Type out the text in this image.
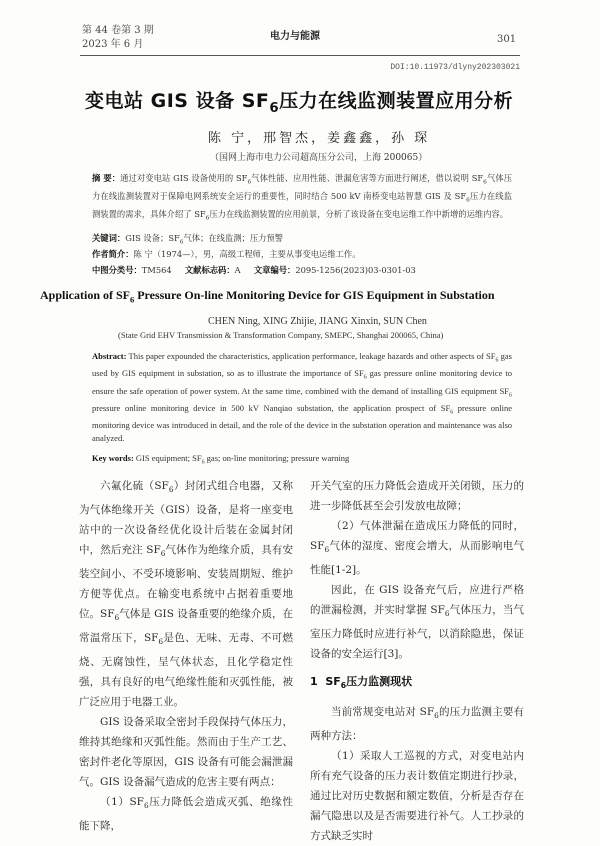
第 44 卷第 3 期
2023 年 6 月
电力与能源	301
DOI:10.11973/dlyny202303021
变电站 GIS 设备 $SF_6$压力在线监测装置应用分析
陈 宁，邢智杰，姜鑫鑫，孙 琛
（国网上海市电力公司超高压分公司，上海 200065）
摘 要：通过对变电站 GIS 设备使用的 $SF_6$气体性能、应用性能、泄漏危害等方面进行阐述，借以说明 $SF_6$气体压力在线监测装置对于保障电网系统安全运行的重要性，同时结合 500 kV 南桥变电站智慧 GIS 及 $SF_6$压力在线监测装置的需求，具体介绍了 $SF_6$压力在线监测装置的应用前景，分析了该设备在变电运维工作中新增的运维内容。
关键词：GIS 设备；$SF_6$气体；在线监测；压力预警
作者简介：陈 宁（1974—），男，高级工程师，主要从事变电运维工作。
中图分类号：TM564 文献标志码：A 文章编号：2095-1256(2023)03-0301-03
Application of $SF_6$ Pressure On-line Monitoring Device for GIS Equipment in Substation
CHEN Ning, XING Zhijie, JIANG Xinxin, SUN Chen
(State Grid EHV Transmission & Transformation Company, SMEPC, Shanghai 200065, China)
Abstract: This paper expounded the characteristics, application performance, leakage hazards and other aspects of $SF_6$ gas used by GIS equipment in substation, so as to illustrate the importance of $SF_6$ gas pressure online monitoring device to ensure the safe operation of power system. At the same time, combined with the demand of installing GIS equipment $SF_6$ pressure online monitoring device in 500 kV Nanqiao substation, the application prospect of $SF_6$ pressure online monitoring device was introduced in detail, and the role of the device in the substation operation and maintenance was also analyzed.
Key words: GIS equipment; $SF_6$ gas; on-line monitoring; pressure warning

六氟化硫$(SF_6)$封闭式组合电器，又称为气体绝缘开关（GIS）设备，是将一座变电站中的一次设备经优化设计后装在金属封闭中，然后充注 $SF_6$气体作为绝缘介质，具有安装空间小、不受环境影响、安装周期短、维护方便等优点。在输变电系统中占据着重要地位。$SF_6$气体是 GIS 设备重要的绝缘介质，在常温常压下，$SF_6$是色、无味、无毒、不可燃烧、无腐蚀性，呈气体状态，且化学稳定性强，具有良好的电气绝缘性能和灭弧性能，被广泛应用于电器工业。

GIS 设备采取全密封手段保持气体压力，维持其绝缘和灭弧性能。然而由于生产工艺、密封件老化等原因，GIS 设备有可能会漏泄漏气。GIS 设备漏气造成的危害主要有两点：

$(1)SF_6$压力降低会造成灭弧、绝缘性能下降，

开关气室的压力降低会造成开关闭锁，压力的进一步降低甚至会引发放电故障；

（2）气体泄漏在造成压力降低的同时，$SF_6$气体的湿度、密度会增大，从而影响电气性能[1-2]。

因此，在 GIS 设备充气后，应进行严格的泄漏检测，并实时掌握 $SF_6$气体压力，当气室压力降低时应进行补气，以消除隐患，保证设备的安全运行[3]。

1 $SF_6$压力监测现状

当前常规变电站对 $SF_6$的压力监测主要有两种方法：

（1）采取人工巡视的方式，对变电站内所有充气设备的压力表计数值定期进行抄录，通过比对历史数据和额定数值，分析是否存在漏气隐患以及是否需要进行补气。人工抄录的方式缺乏实时
